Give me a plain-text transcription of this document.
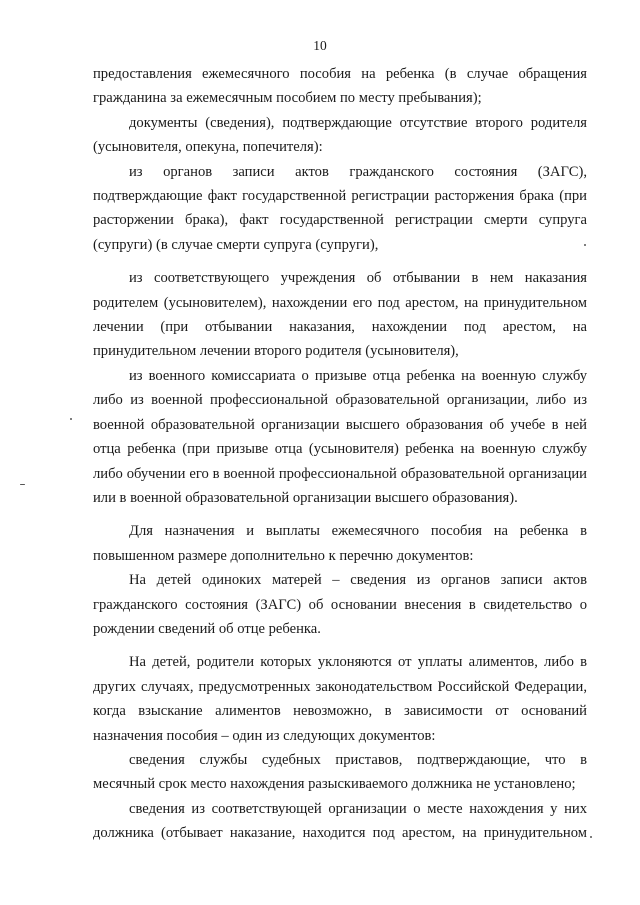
10

предоставления ежемесячного пособия на ребенка (в случае обращения гражданина за ежемесячным пособием по месту пребывания);

документы (сведения), подтверждающие отсутствие второго родителя (усыновителя, опекуна, попечителя):

из органов записи актов гражданского состояния (ЗАГС), подтверждающие факт государственной регистрации расторжения брака (при расторжении брака), факт государственной регистрации смерти супруга (супруги) (в случае смерти супруга (супруги),

из соответствующего учреждения об отбывании в нем наказания родителем (усыновителем), нахождении его под арестом, на принудительном лечении (при отбывании наказания, нахождении под арестом, на принудительном лечении второго родителя (усыновителя),

из военного комиссариата о призыве отца ребенка на военную службу либо из военной профессиональной образовательной организации, либо из военной образовательной организации высшего образования об учебе в ней отца ребенка (при призыве отца (усыновителя) ребенка на военную службу либо обучении его в военной профессиональной образовательной организации или в военной образовательной организации высшего образования).

Для назначения и выплаты ежемесячного пособия на ребенка в повышенном размере дополнительно к перечню документов:

На детей одиноких матерей – сведения из органов записи актов гражданского состояния (ЗАГС) об основании внесения в свидетельство о рождении сведений об отце ребенка.

На детей, родители которых уклоняются от уплаты алиментов, либо в других случаях, предусмотренных законодательством Российской Федерации, когда взыскание алиментов невозможно, в зависимости от оснований назначения пособия – один из следующих документов:

сведения службы судебных приставов, подтверждающие, что в месячный срок место нахождения разыскиваемого должника не установлено;

сведения из соответствующей организации о месте нахождения у них должника (отбывает наказание, находится под арестом, на принудительном
